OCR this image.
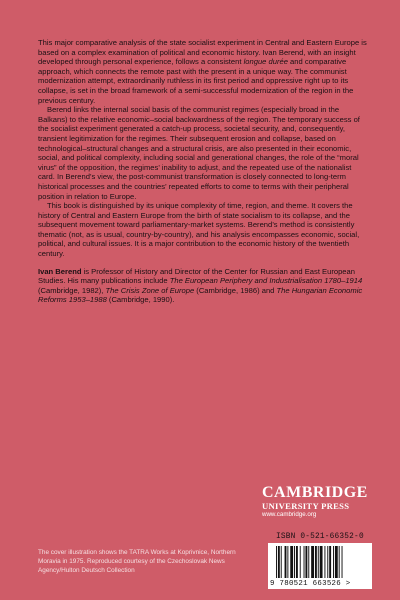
This major comparative analysis of the state socialist experiment in Central and Eastern Europe is based on a complex examination of political and economic history. Ivan Berend, with an insight developed through personal experience, follows a consistent longue durée and comparative approach, which connects the remote past with the present in a unique way. The communist modernization attempt, extraordinarily ruthless in its first period and oppressive right up to its collapse, is set in the broad framework of a semi-successful modernization of the region in the previous century.

Berend links the internal social basis of the communist regimes (especially broad in the Balkans) to the relative economic–social backwardness of the region. The temporary success of the socialist experiment generated a catch-up process, societal security, and, consequently, transient legitimization for the regimes. Their subsequent erosion and collapse, based on technological–structural changes and a structural crisis, are also presented in their economic, social, and political complexity, including social and generational changes, the role of the “moral virus” of the opposition, the regimes’ inability to adjust, and the repeated use of the nationalist card. In Berend’s view, the post-communist transformation is closely connected to long-term historical processes and the countries’ repeated efforts to come to terms with their peripheral position in relation to Europe.

This book is distinguished by its unique complexity of time, region, and theme. It covers the history of Central and Eastern Europe from the birth of state socialism to its collapse, and the subsequent movement toward parliamentary-market systems. Berend’s method is consistently thematic (not, as is usual, country-by-country), and his analysis encompasses economic, social, political, and cultural issues. It is a major contribution to the economic history of the twentieth century.

Ivan Berend is Professor of History and Director of the Center for Russian and East European Studies. His many publications include The European Periphery and Industrialisation 1780–1914 (Cambridge, 1982), The Crisis Zone of Europe (Cambridge, 1986) and The Hungarian Economic Reforms 1953–1988 (Cambridge, 1990).

CAMBRIDGE
UNIVERSITY PRESS
www.cambridge.org
ISBN 0-521-66352-0
9 780521 663526 >
The cover illustration shows the TATRA Works at Koprivnice, Northern Moravia in 1975. Reproduced courtesy of the Czechoslovak News Agency/Hulton Deutsch Collection
